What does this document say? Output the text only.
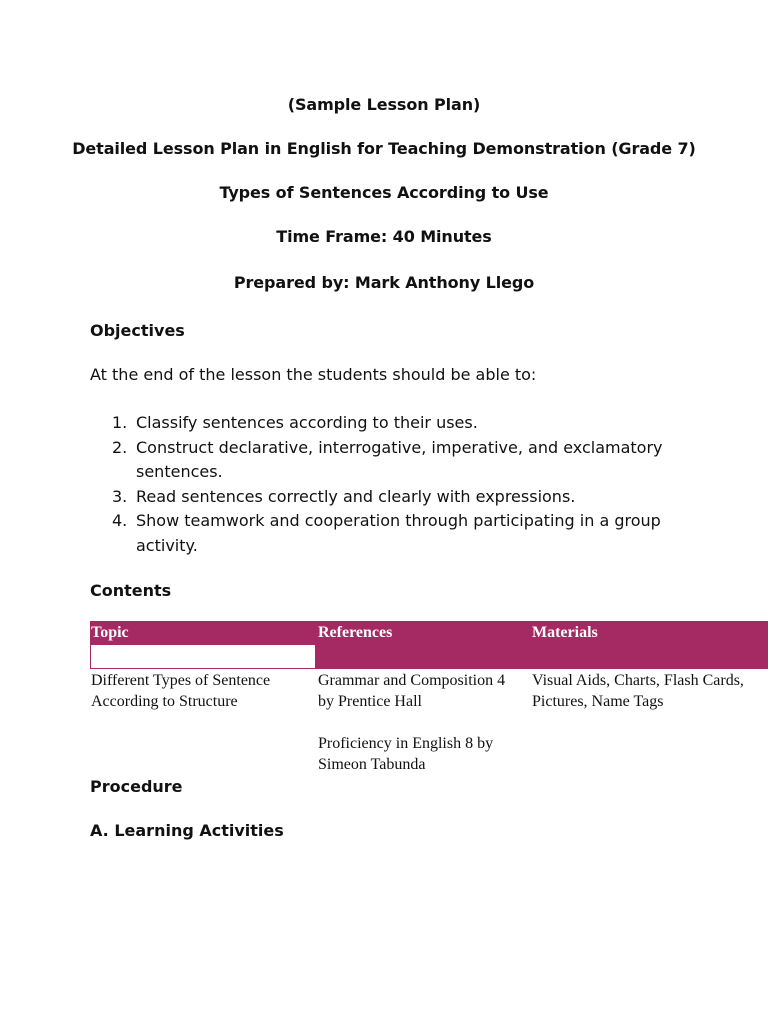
(Sample Lesson Plan)
Detailed Lesson Plan in English for Teaching Demonstration (Grade 7)
Types of Sentences According to Use
Time Frame: 40 Minutes
Prepared by: Mark Anthony Llego
Objectives
At the end of the lesson the students should be able to:
1. Classify sentences according to their uses.
2. Construct declarative, interrogative, imperative, and exclamatory
sentences.
3. Read sentences correctly and clearly with expressions.
4. Show teamwork and cooperation through participating in a group
activity.
Contents
Topic	References	Materials
Different Types of Sentence
According to Structure
Grammar and Composition 4
by Prentice Hall
Proficiency in English 8 by
Simeon Tabunda
Visual Aids, Charts, Flash Cards,
Pictures, Name Tags
Procedure
A. Learning Activities
